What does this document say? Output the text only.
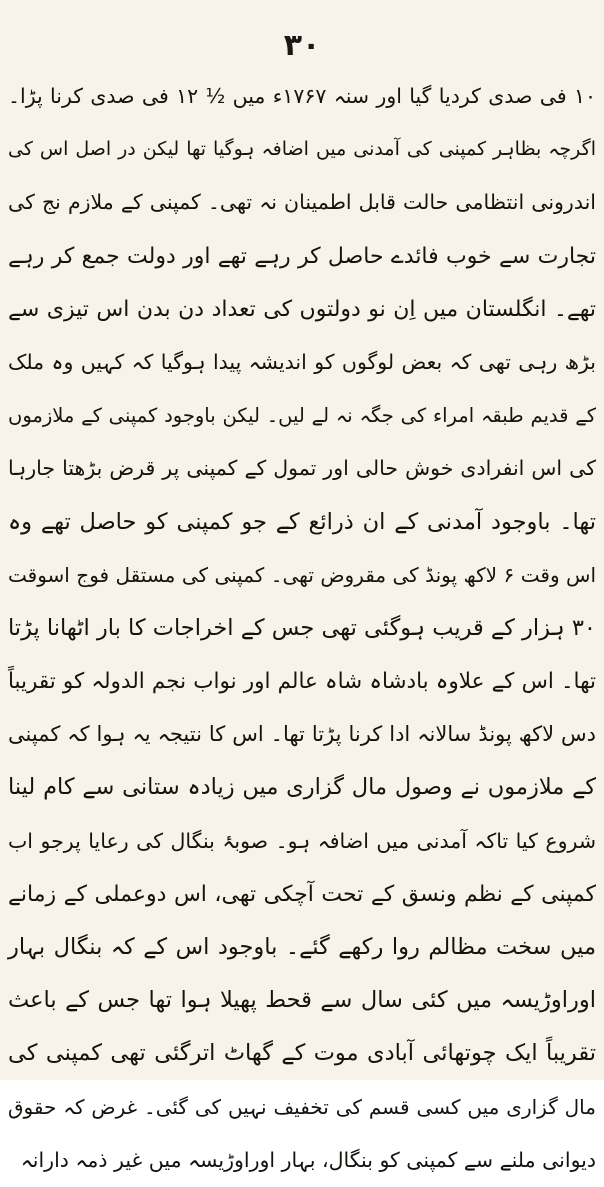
۳۰
۱۰ فی صدی کردیا گیا اور سنہ ۱۷۶۷ء میں ½ ۱۲ فی صدی کرنا پڑا۔
اگرچہ بظاہر کمپنی کی آمدنی میں اضافہ ہوگیا تھا لیکن در اصل اس کی
اندرونی انتظامی حالت قابل اطمینان نہ تھی۔ کمپنی کے ملازم نج کی
تجارت سے خوب فائدے حاصل کر رہے تھے اور دولت جمع کر رہے
تھے۔ انگلستان میں اِن نو دولتوں کی تعداد دن بدن اس تیزی سے
بڑھ رہی تھی کہ بعض لوگوں کو اندیشہ پیدا ہوگیا کہ کہیں وہ ملک
کے قدیم طبقہ امراء کی جگہ نہ لے لیں۔ لیکن باوجود کمپنی کے ملازموں
کی اس انفرادی خوش حالی اور تمول کے کمپنی پر قرض بڑھتا جارہا
تھا۔ باوجود آمدنی کے ان ذرائع کے جو کمپنی کو حاصل تھے وہ
اس وقت ۶ لاکھ پونڈ کی مقروض تھی۔ کمپنی کی مستقل فوج اسوقت
۳۰ ہزار کے قریب ہوگئی تھی جس کے اخراجات کا بار اٹھانا پڑتا
تھا۔ اس کے علاوہ بادشاہ شاہ عالم اور نواب نجم الدولہ کو تقریباً
دس لاکھ پونڈ سالانہ ادا کرنا پڑتا تھا۔ اس کا نتیجہ یہ ہوا کہ کمپنی
کے ملازموں نے وصول مال گزاری میں زیادہ ستانی سے کام لینا
شروع کیا تاکہ آمدنی میں اضافہ ہو۔ صوبۂ بنگال کی رعایا پرجو اب
کمپنی کے نظم ونسق کے تحت آچکی تھی، اس دوعملی کے زمانے
میں سخت مظالم روا رکھے گئے۔ باوجود اس کے کہ بنگال بہار
اوراوڑیسہ میں کئی سال سے قحط پھیلا ہوا تھا جس کے باعث
تقریباً ایک چوتھائی آبادی موت کے گھاٹ اترگئی تھی کمپنی کی
مال گزاری میں کسی قسم کی تخفیف نہیں کی گئی۔ غرض کہ حقوق
دیوانی ملنے سے کمپنی کو بنگال، بہار اوراوڑیسہ میں غیر ذمہ دارانہ
